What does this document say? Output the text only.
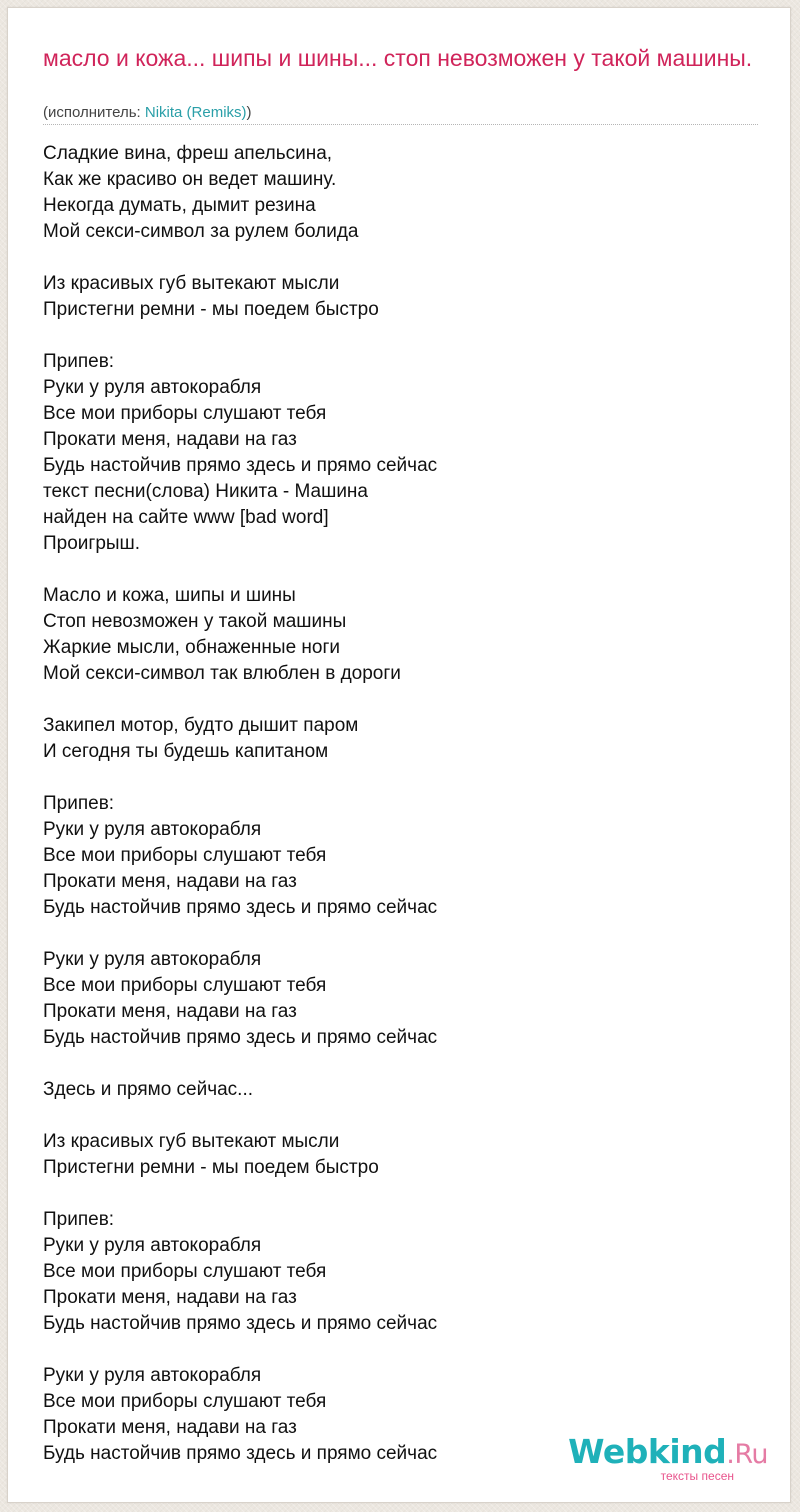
масло и кожа... шипы и шины... стоп невозможен у такой машины.
(исполнитель: Nikita (Remiks))
Сладкие вина, фреш апельсина,
Как же красиво он ведет машину.
Некогда думать, дымит резина
Мой секси-символ за рулем болида
Из красивых губ вытекают мысли
Пристегни ремни - мы поедем быстро
Припев:
Руки у руля автокорабля
Все мои приборы слушают тебя
Прокати меня, надави на газ
Будь настойчив прямо здесь и прямо сейчас
текст песни(слова) Никита - Машина
найден на сайте www [bad word]
Проигрыш.
Масло и кожа, шипы и шины
Стоп невозможен у такой машины
Жаркие мысли, обнаженные ноги
Мой секси-символ так влюблен в дороги
Закипел мотор, будто дышит паром
И сегодня ты будешь капитаном
Припев:
Руки у руля автокорабля
Все мои приборы слушают тебя
Прокати меня, надави на газ
Будь настойчив прямо здесь и прямо сейчас
Руки у руля автокорабля
Все мои приборы слушают тебя
Прокати меня, надави на газ
Будь настойчив прямо здесь и прямо сейчас
Здесь и прямо сейчас...
Из красивых губ вытекают мысли
Пристегни ремни - мы поедем быстро
Припев:
Руки у руля автокорабля
Все мои приборы слушают тебя
Прокати меня, надави на газ
Будь настойчив прямо здесь и прямо сейчас
Руки у руля автокорабля
Все мои приборы слушают тебя
Прокати меня, надави на газ
Будь настойчив прямо здесь и прямо сейчас	Webkind.Ru
тексты песен
